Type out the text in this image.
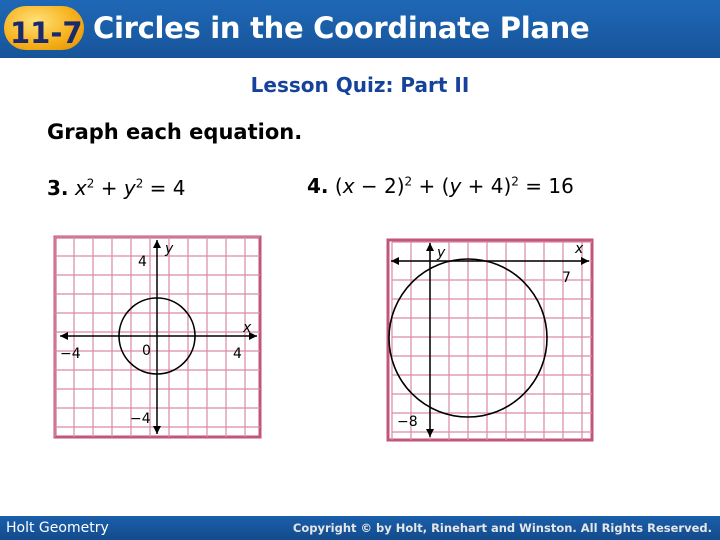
11-7 Circles in the Coordinate Plane
Lesson Quiz: Part II
Graph each equation.
3. $x^2 + y^2 = 4$	4. $(x - 2)^2 + (y + 4)^2 = 16$
y
x
4
−4
−4	4
0
y	x
7
−8
Holt Geometry	Copyright © by Holt, Rinehart and Winston. All Rights Reserved.
